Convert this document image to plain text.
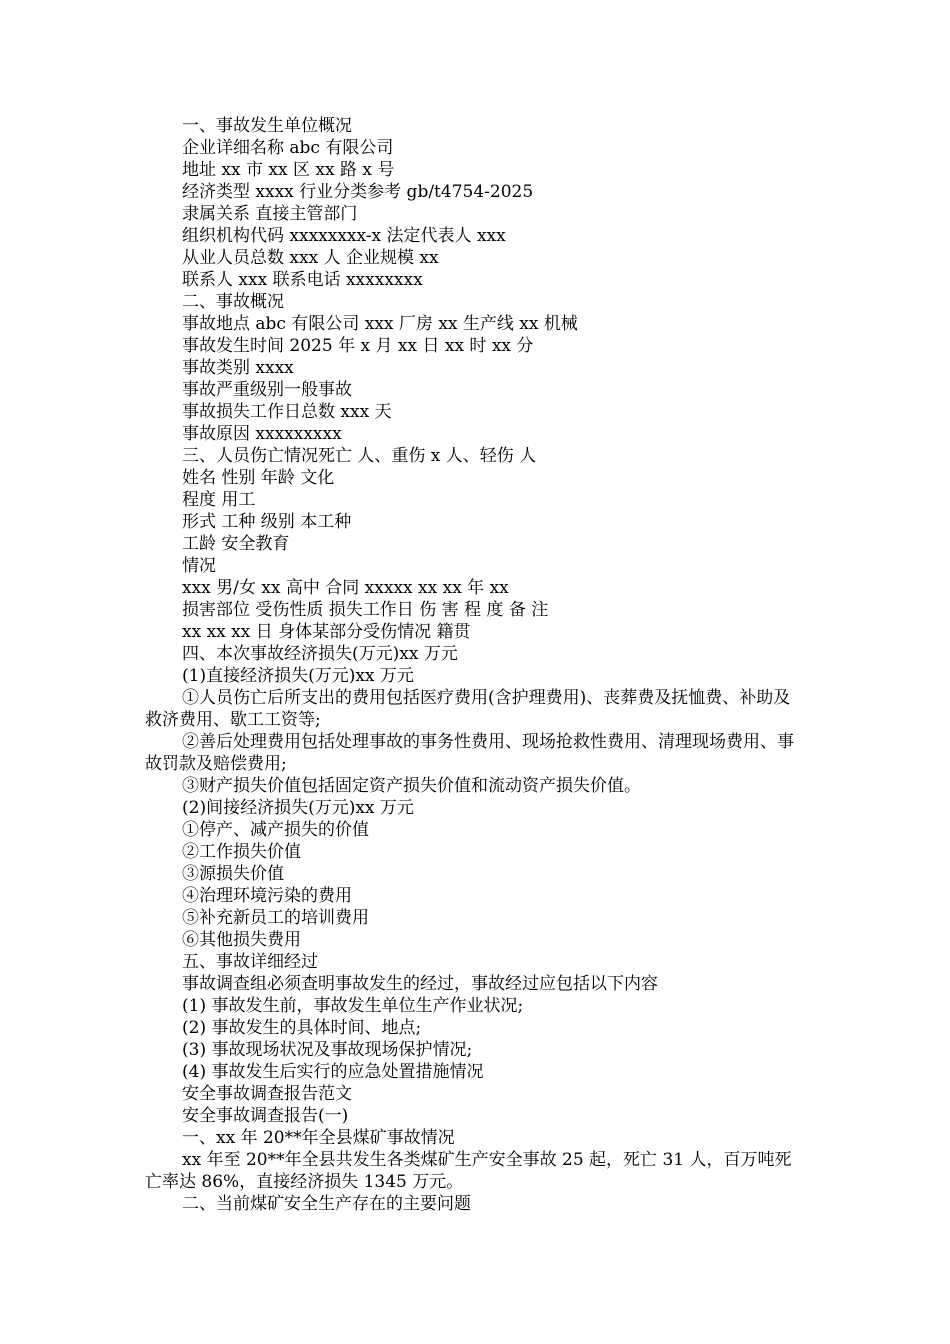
一、事故发生单位概况

企业详细名称 abc 有限公司

地址 xx 市 xx 区 xx 路 x 号

经济类型 xxxx 行业分类参考 gb/t4754-2025

隶属关系 直接主管部门

组织机构代码 xxxxxxxx-x 法定代表人 xxx

从业人员总数 xxx 人 企业规模 xx

联系人 xxx 联系电话 xxxxxxxx

二、事故概况

事故地点 abc 有限公司 xxx 厂房 xx 生产线 xx 机械

事故发生时间 2025 年 x 月 xx 日 xx 时 xx 分

事故类别 xxxx

事故严重级别一般事故

事故损失工作日总数 xxx 天

事故原因 xxxxxxxxx

三、人员伤亡情况死亡 人、重伤 x 人、轻伤 人

姓名 性别 年龄 文化

程度 用工

形式 工种 级别 本工种

工龄 安全教育

情况

xxx 男/女 xx 高中 合同 xxxxx xx xx 年 xx

损害部位 受伤性质 损失工作日 伤 害 程 度 备 注

xx xx xx 日 身体某部分受伤情况 籍贯

四、本次事故经济损失(万元)xx 万元

(1)直接经济损失(万元)xx 万元

①人员伤亡后所支出的费用包括医疗费用(含护理费用)、丧葬费及抚恤费、补助及救济费用、歇工工资等;

②善后处理费用包括处理事故的事务性费用、现场抢救性费用、清理现场费用、事故罚款及赔偿费用;

③财产损失价值包括固定资产损失价值和流动资产损失价值。

(2)间接经济损失(万元)xx 万元

①停产、减产损失的价值

②工作损失价值

③源损失价值

④治理环境污染的费用

⑤补充新员工的培训费用

⑥其他损失费用

五、事故详细经过

事故调查组必须查明事故发生的经过，事故经过应包括以下内容

(1) 事故发生前，事故发生单位生产作业状况;

(2) 事故发生的具体时间、地点;

(3) 事故现场状况及事故现场保护情况;

(4) 事故发生后实行的应急处置措施情况

安全事故调查报告范文

安全事故调查报告(一)

一、xx 年 20**年全县煤矿事故情况

xx 年至 20**年全县共发生各类煤矿生产安全事故 25 起，死亡 31 人，百万吨死亡率达 86%，直接经济损失 1345 万元。

二、当前煤矿安全生产存在的主要问题
